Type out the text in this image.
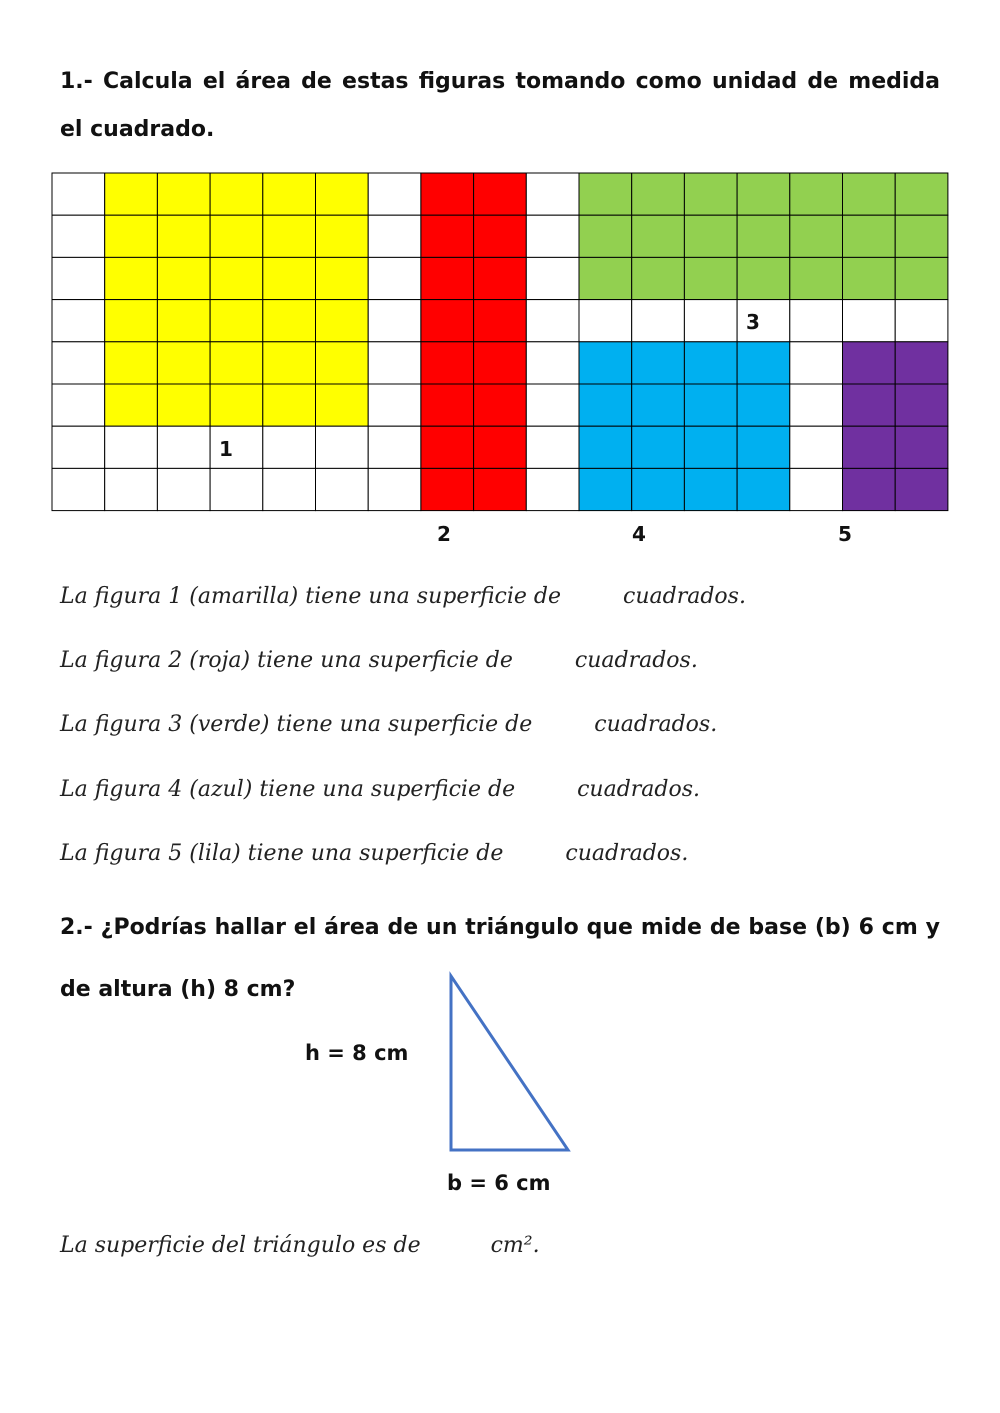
1.- Calcula el área de estas figuras tomando como unidad de medida el cuadrado.
1
2
3
4	5
La figura 1 (amarilla) tiene una superficie de	cuadrados.
La figura 2 (roja) tiene una superficie de	cuadrados.
La figura 3 (verde) tiene una superficie de	cuadrados.
La figura 4 (azul) tiene una superficie de	cuadrados.
La figura 5 (lila) tiene una superficie de	cuadrados.
2.- ¿Podrías hallar el área de un triángulo que mide de base (b) 6 cm y de altura (h) 8 cm?
h = 8 cm
b = 6 cm
La superficie del triángulo es de	cm².
